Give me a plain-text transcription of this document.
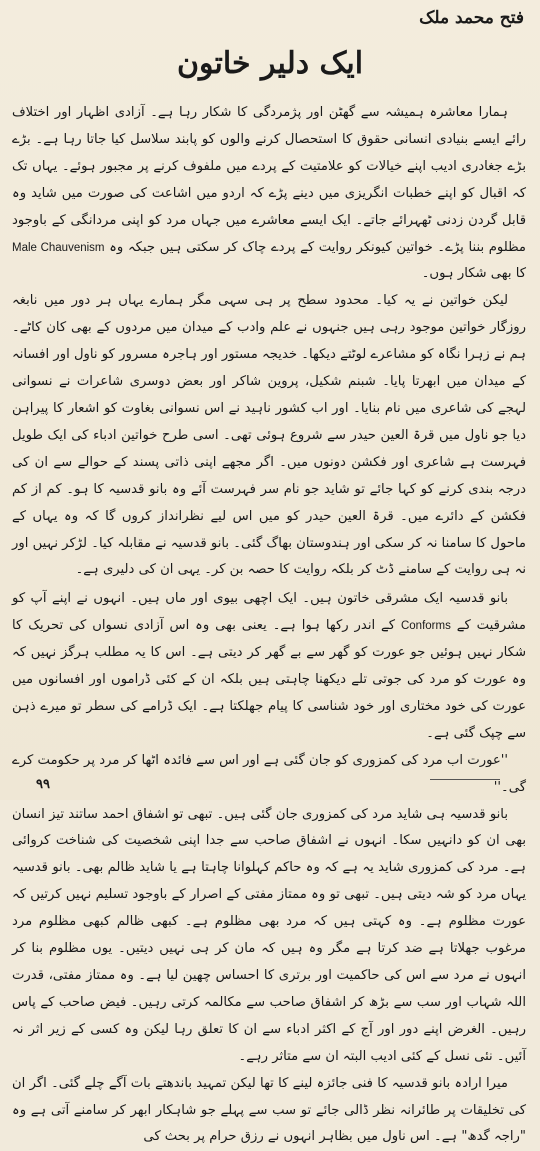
فتح محمد ملک
ایک دلیر خاتون

ہمارا معاشرہ ہمیشہ سے گھٹن اور پژمردگی کا شکار رہا ہے۔ آزادی اظہار اور اختلاف رائے ایسے بنیادی انسانی حقوق کا استحصال کرنے والوں کو پابند سلاسل کیا جاتا رہا ہے۔ بڑے بڑے جغادری ادیب اپنے خیالات کو علامتیت کے پردے میں ملفوف کرنے پر مجبور ہوئے۔ یہاں تک کہ اقبال کو اپنے خطبات انگریزی میں دینے پڑے کہ اردو میں اشاعت کی صورت میں شاید وہ قابل گردن زدنی ٹھہرائے جاتے۔ ایک ایسے معاشرے میں جہاں مرد کو اپنی مردانگی کے باوجود مظلوم بننا پڑے۔ خواتین کیونکر روایت کے پردے چاک کر سکتی ہیں جبکہ وہ Male Chauvenism کا بھی شکار ہوں۔

لیکن خواتین نے یہ کیا۔ محدود سطح پر ہی سہی مگر ہمارے یہاں ہر دور میں نابغہ روزگار خواتین موجود رہی ہیں جنہوں نے علم وادب کے میدان میں مردوں کے بھی کان کاٹے۔ ہم نے زہرا نگاہ کو مشاعرے لوٹتے دیکھا۔ خدیجہ مستور اور ہاجرہ مسرور کو ناول اور افسانہ کے میدان میں ابھرتا پایا۔ شبنم شکیل، پروین شاکر اور بعض دوسری شاعرات نے نسوانی لہجے کی شاعری میں نام بنایا۔ اور اب کشور ناہید نے اس نسوانی بغاوت کو اشعار کا پیراہن دیا جو ناول میں قرۃ العین حیدر سے شروع ہوئی تھی۔ اسی طرح خواتین ادباء کی ایک طویل فہرست ہے شاعری اور فکشن دونوں میں۔ اگر مجھے اپنی ذاتی پسند کے حوالے سے ان کی درجہ بندی کرنے کو کہا جائے تو شاید جو نام سر فہرست آئے وہ بانو قدسیہ کا ہو۔ کم از کم فکشن کے دائرے میں۔ قرۃ العین حیدر کو میں اس لیے نظرانداز کروں گا کہ وہ یہاں کے ماحول کا سامنا نہ کر سکی اور ہندوستان بھاگ گئی۔ بانو قدسیہ نے مقابلہ کیا۔ لڑکر نہیں اور نہ ہی روایت کے سامنے ڈٹ کر بلکہ روایت کا حصہ بن کر۔ یہی ان کی دلیری ہے۔

بانو قدسیہ ایک مشرقی خاتون ہیں۔ ایک اچھی بیوی اور ماں ہیں۔ انہوں نے اپنے آپ کو مشرقیت کے Conforms کے اندر رکھا ہوا ہے۔ یعنی بھی وہ اس آزادی نسواں کی تحریک کا شکار نہیں ہوئیں جو عورت کو گھر سے بے گھر کر دیتی ہے۔ اس کا یہ مطلب ہرگز نہیں کہ وہ عورت کو مرد کی جوتی تلے دیکھنا چاہتی ہیں بلکہ ان کے کئی ڈراموں اور افسانوں میں عورت کی خود مختاری اور خود شناسی کا پیام جھلکتا ہے۔ ایک ڈرامے کی سطر تو میرے ذہن سے چپک گئی ہے۔

''عورت اب مرد کی کمزوری کو جان گئی ہے اور اس سے فائدہ اٹھا کر مرد پر حکومت کرے گی۔''

بانو قدسیہ ہی شاید مرد کی کمزوری جان گئی ہیں۔ تبھی تو اشفاق احمد ساتند تیز انسان بھی ان کو دانہیں سکا۔ انہوں نے اشفاق صاحب سے جدا اپنی شخصیت کی شناخت کروائی ہے۔ مرد کی کمزوری شاید یہ ہے کہ وہ حاکم کہلوانا چاہتا ہے یا شاید ظالم بھی۔ بانو قدسیہ یہاں مرد کو شہ دیتی ہیں۔ تبھی تو وہ ممتاز مفتی کے اصرار کے باوجود تسلیم نہیں کرتیں کہ عورت مظلوم ہے۔ وہ کہتی ہیں کہ مرد بھی مظلوم ہے۔ کبھی ظالم کبھی مظلوم مرد مرغوب جھلاتا ہے ضد کرتا ہے مگر وہ ہیں کہ مان کر ہی نہیں دیتیں۔ یوں مظلوم بنا کر انہوں نے مرد سے اس کی حاکمیت اور برتری کا احساس چھین لیا ہے۔ وہ ممتاز مفتی، قدرت اللہ شہاب اور سب سے بڑھ کر اشفاق صاحب سے مکالمہ کرتی رہیں۔ فیض صاحب کے پاس رہیں۔ الغرض اپنے دور اور آج کے اکثر ادباء سے ان کا تعلق رہا لیکن وہ کسی کے زیر اثر نہ آئیں۔ نئی نسل کے کئی ادیب البتہ ان سے متاثر رہے۔

میرا ارادہ بانو قدسیہ کا فنی جائزہ لینے کا تھا لیکن تمہید باندھتے بات آگے چلے گئی۔ اگر ان کی تخلیقات پر طائرانہ نظر ڈالی جائے تو سب سے پہلے جو شاہکار ابھر کر سامنے آتی ہے وہ "راجہ گدھ" ہے۔ اس ناول میں بظاہر انہوں نے رزق حرام پر بحث کی

۹۹
